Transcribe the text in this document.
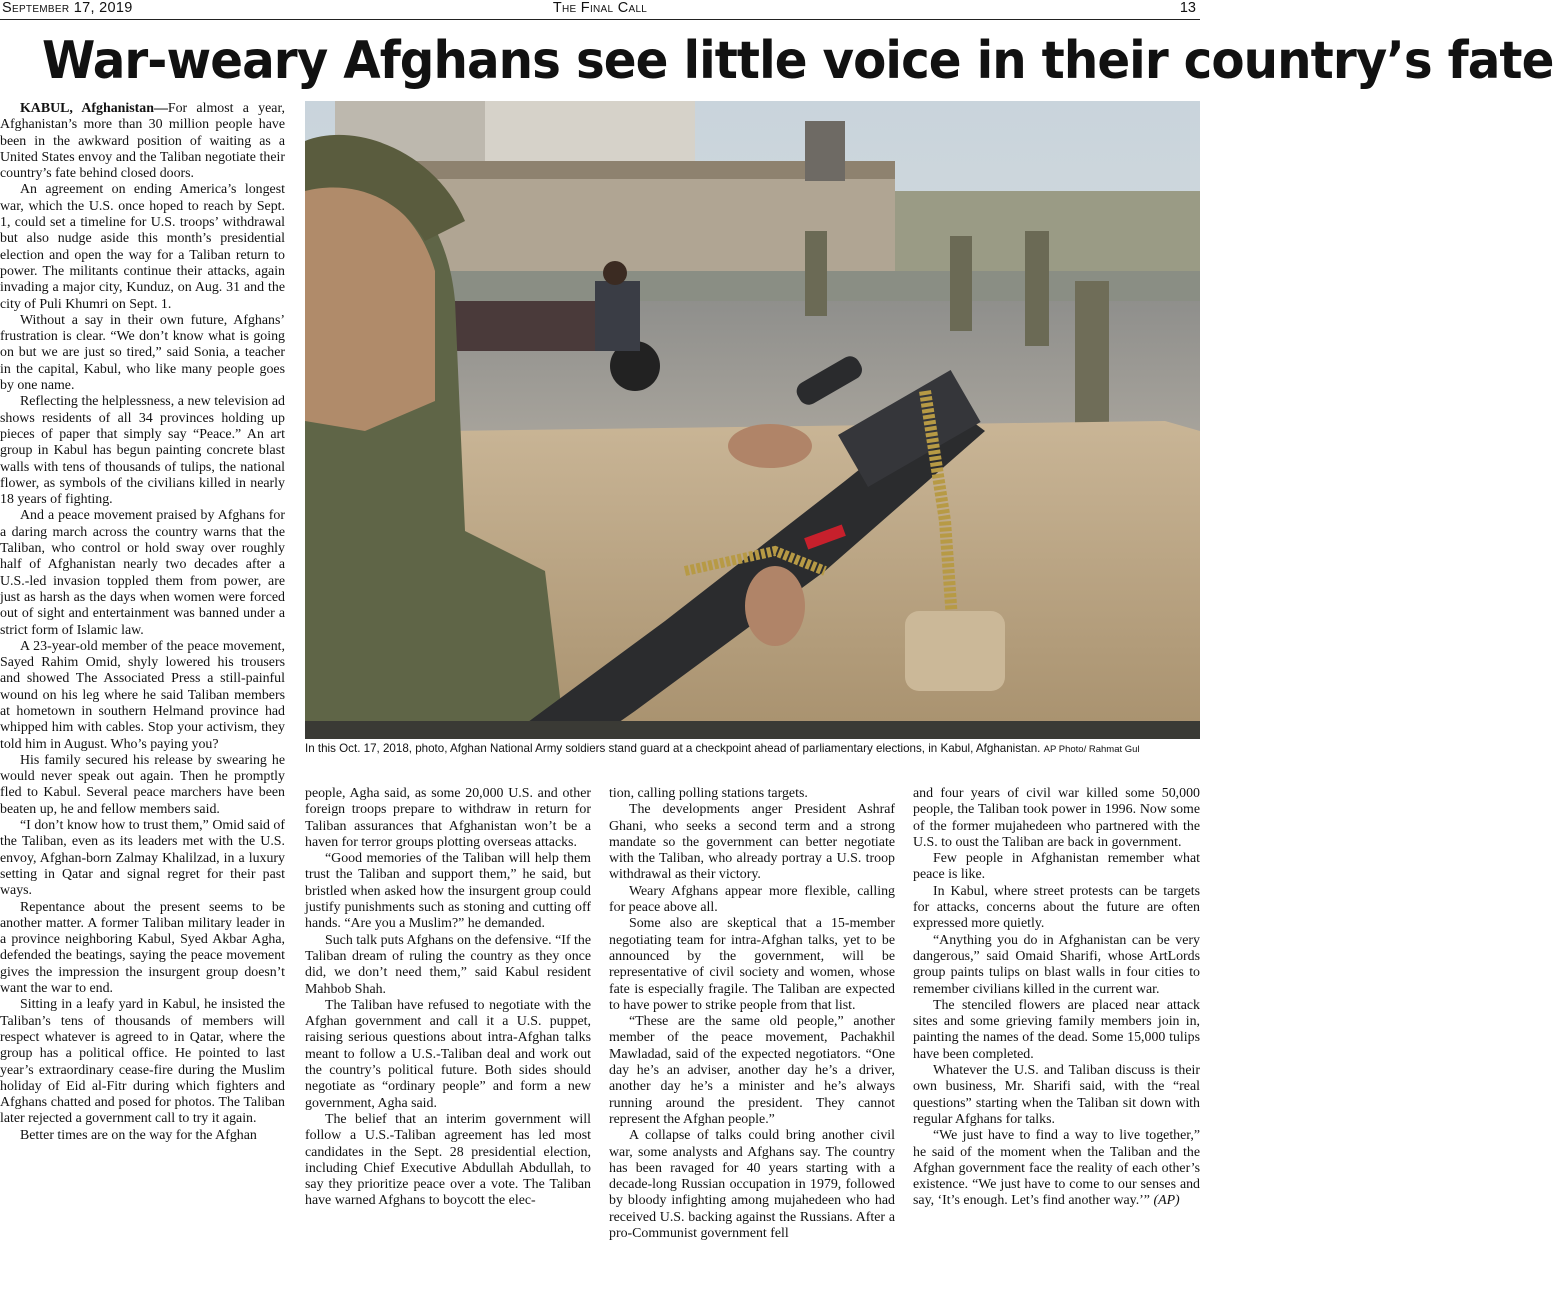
September 17, 2019	The Final Call	13
War-weary Afghans see little voice in their country’s fate

KABUL, Afghanistan—For almost a year, Afghanistan’s more than 30 million people have been in the awkward position of waiting as a United States envoy and the Taliban negotiate their country’s fate behind closed doors.

An agreement on ending America’s longest war, which the U.S. once hoped to reach by Sept. 1, could set a timeline for U.S. troops’ withdrawal but also nudge aside this month’s presidential election and open the way for a Taliban return to power. The militants continue their attacks, again invading a major city, Kunduz, on Aug. 31 and the city of Puli Khumri on Sept. 1.

Without a say in their own future, Afghans’ frustration is clear. “We don’t know what is going on but we are just so tired,” said Sonia, a teacher in the capital, Kabul, who like many people goes by one name.

Reflecting the helplessness, a new television ad shows residents of all 34 provinces holding up pieces of paper that simply say “Peace.” An art group in Kabul has begun painting concrete blast walls with tens of thousands of tulips, the national flower, as symbols of the civilians killed in nearly 18 years of fighting.

And a peace movement praised by Afghans for a daring march across the country warns that the Taliban, who control or hold sway over roughly half of Afghanistan nearly two decades after a U.S.-led invasion toppled them from power, are just as harsh as the days when women were forced out of sight and entertainment was banned under a strict form of Islamic law.

A 23-year-old member of the peace movement, Sayed Rahim Omid, shyly lowered his trousers and showed The Associated Press a still-painful wound on his leg where he said Taliban members at hometown in southern Helmand province had whipped him with cables. Stop your activism, they told him in August. Who’s paying you?

His family secured his release by swearing he would never speak out again. Then he promptly fled to Kabul. Several peace marchers have been beaten up, he and fellow members said.

“I don’t know how to trust them,” Omid said of the Taliban, even as its leaders met with the U.S. envoy, Afghan-born Zalmay Khalilzad, in a luxury setting in Qatar and signal regret for their past ways.

Repentance about the present seems to be another matter. A former Taliban military leader in a province neighboring Kabul, Syed Akbar Agha, defended the beatings, saying the peace movement gives the impression the insurgent group doesn’t want the war to end.

Sitting in a leafy yard in Kabul, he insisted the Taliban’s tens of thousands of members will respect whatever is agreed to in Qatar, where the group has a political office. He pointed to last year’s extraordinary cease-fire during the Muslim holiday of Eid al-Fitr during which fighters and Afghans chatted and posed for photos. The Taliban later rejected a government call to try it again.

Better times are on the way for the Afghan

In this Oct. 17, 2018, photo, Afghan National Army soldiers stand guard at a checkpoint ahead of parliamentary elections, in Kabul, Afghanistan. AP Photo/ Rahmat Gul

people, Agha said, as some 20,000 U.S. and other foreign troops prepare to withdraw in return for Taliban assurances that Afghanistan won’t be a haven for terror groups plotting overseas attacks.

“Good memories of the Taliban will help them trust the Taliban and support them,” he said, but bristled when asked how the insurgent group could justify punishments such as stoning and cutting off hands. “Are you a Muslim?” he demanded.

Such talk puts Afghans on the defensive. “If the Taliban dream of ruling the country as they once did, we don’t need them,” said Kabul resident Mahbob Shah.

The Taliban have refused to negotiate with the Afghan government and call it a U.S. puppet, raising serious questions about intra-Afghan talks meant to follow a U.S.-Taliban deal and work out the country’s political future. Both sides should negotiate as “ordinary people” and form a new government, Agha said.

The belief that an interim government will follow a U.S.-Taliban agreement has led most candidates in the Sept. 28 presidential election, including Chief Executive Abdullah Abdullah, to say they prioritize peace over a vote. The Taliban have warned Afghans to boycott the elec-

tion, calling polling stations targets.

The developments anger President Ashraf Ghani, who seeks a second term and a strong mandate so the government can better negotiate with the Taliban, who already portray a U.S. troop withdrawal as their victory.

Weary Afghans appear more flexible, calling for peace above all.

Some also are skeptical that a 15-member negotiating team for intra-Afghan talks, yet to be announced by the government, will be representative of civil society and women, whose fate is especially fragile. The Taliban are expected to have power to strike people from that list.

“These are the same old people,” another member of the peace movement, Pachakhil Mawladad, said of the expected negotiators. “One day he’s an adviser, another day he’s a driver, another day he’s a minister and he’s always running around the president. They cannot represent the Afghan people.”

A collapse of talks could bring another civil war, some analysts and Afghans say. The country has been ravaged for 40 years starting with a decade-long Russian occupation in 1979, followed by bloody infighting among mujahedeen who had received U.S. backing against the Russians. After a pro-Communist government fell

and four years of civil war killed some 50,000 people, the Taliban took power in 1996. Now some of the former mujahedeen who partnered with the U.S. to oust the Taliban are back in government.

Few people in Afghanistan remember what peace is like.

In Kabul, where street protests can be targets for attacks, concerns about the future are often expressed more quietly.

“Anything you do in Afghanistan can be very dangerous,” said Omaid Sharifi, whose ArtLords group paints tulips on blast walls in four cities to remember civilians killed in the current war.

The stenciled flowers are placed near attack sites and some grieving family members join in, painting the names of the dead. Some 15,000 tulips have been completed.

Whatever the U.S. and Taliban discuss is their own business, Mr. Sharifi said, with the “real questions” starting when the Taliban sit down with regular Afghans for talks.

“We just have to find a way to live together,” he said of the moment when the Taliban and the Afghan government face the reality of each other’s existence. “We just have to come to our senses and say, ‘It’s enough. Let’s find another way.’” (AP)
